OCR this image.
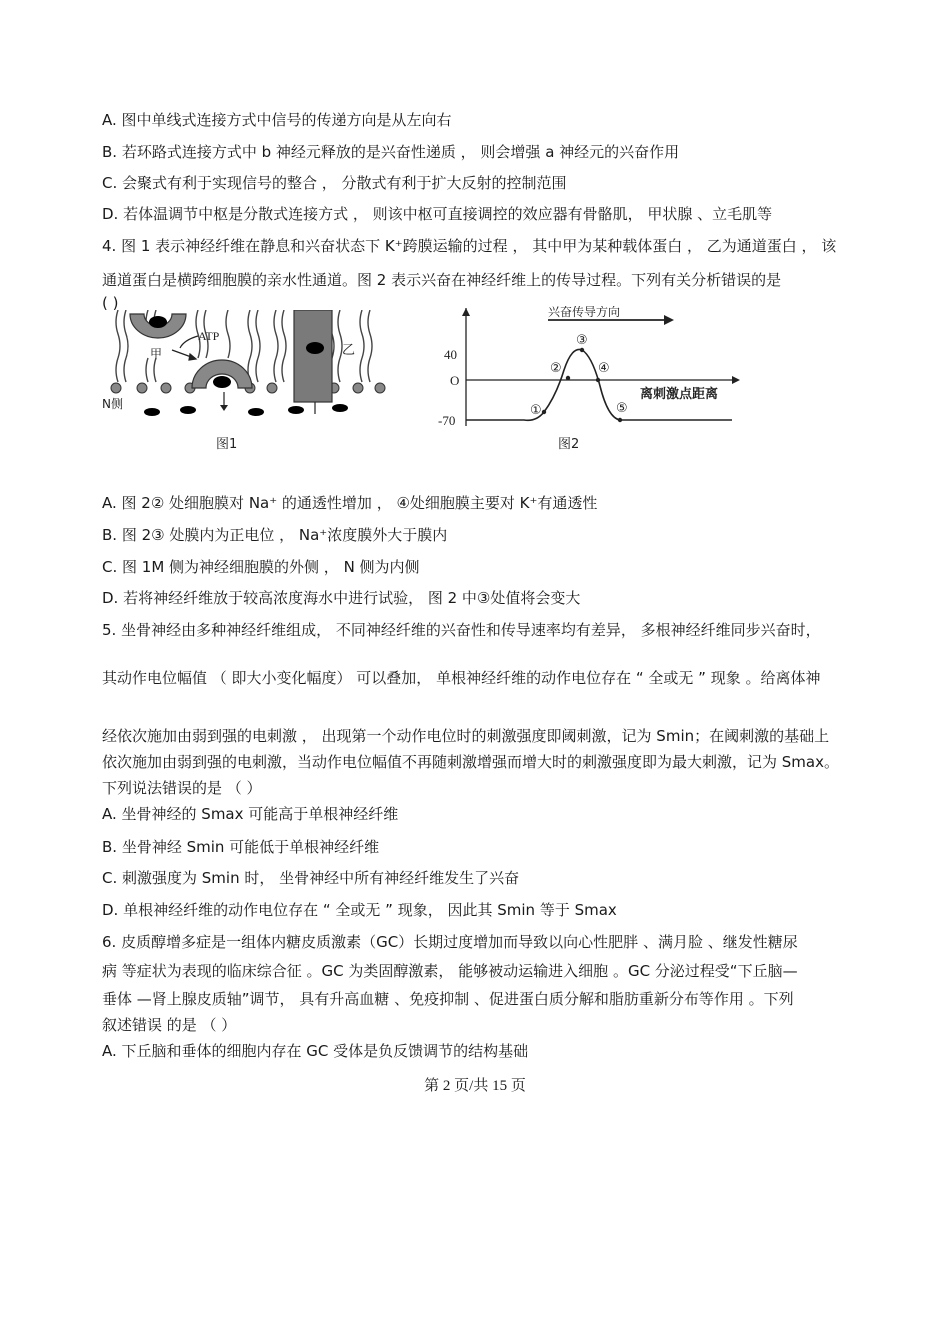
A. 图中单线式连接方式中信号的传递方向是从左向右
B. 若环路式连接方式中 b 神经元释放的是兴奋性递质 ， 则会增强 a 神经元的兴奋作用
C. 会聚式有利于实现信号的整合 ， 分散式有利于扩大反射的控制范围
D. 若体温调节中枢是分散式连接方式 ， 则该中枢可直接调控的效应器有骨骼肌， 甲状腺 、立毛肌等
4. 图 1 表示神经纤维在静息和兴奋状态下 K⁺跨膜运输的过程 ， 其中甲为某种载体蛋白 ， 乙为通道蛋白 ， 该
通道蛋白是横跨细胞膜的亲水性通道。图 2 表示兴奋在神经纤维上的传导过程。下列有关分析错误的是
( )
ATP
甲	乙
N侧
图1
兴奋传导方向
40
O
-70
①
②
③
④
⑤
离刺激点距离
图2
A. 图 2② 处细胞膜对 Na⁺ 的通透性增加 ， ④处细胞膜主要对 K⁺有通透性
B. 图 2③ 处膜内为正电位 ， Na⁺浓度膜外大于膜内
C. 图 1M 侧为神经细胞膜的外侧 ， N 侧为内侧
D. 若将神经纤维放于较高浓度海水中进行试验， 图 2 中③处值将会变大
5. 坐骨神经由多种神经纤维组成， 不同神经纤维的兴奋性和传导速率均有差异， 多根神经纤维同步兴奋时，
其动作电位幅值 （ 即大小变化幅度） 可以叠加， 单根神经纤维的动作电位存在 “ 全或无 ” 现象 。给离体神
经依次施加由弱到强的电刺激 ， 出现第一个动作电位时的刺激强度即阈刺激，记为 Smin；在阈刺激的基础上
依次施加由弱到强的电刺激，当动作电位幅值不再随刺激增强而增大时的刺激强度即为最大刺激，记为 Smax。
下列说法错误的是 （ ）
A. 坐骨神经的 Smax 可能高于单根神经纤维
B. 坐骨神经 Smin 可能低于单根神经纤维
C. 刺激强度为 Smin 时， 坐骨神经中所有神经纤维发生了兴奋
D. 单根神经纤维的动作电位存在 “ 全或无 ” 现象， 因此其 Smin 等于 Smax
6. 皮质醇增多症是一组体内糖皮质激素（GC）长期过度增加而导致以向心性肥胖 、满月脸 、继发性糖尿
病 等症状为表现的临床综合征 。GC 为类固醇激素， 能够被动运输进入细胞 。GC 分泌过程受“下丘脑—
垂体 —肾上腺皮质轴”调节， 具有升高血糖 、免疫抑制 、促进蛋白质分解和脂肪重新分布等作用 。下列
叙述错误 的是 （ ）
A. 下丘脑和垂体的细胞内存在 GC 受体是负反馈调节的结构基础
第 2 页/共 15 页
